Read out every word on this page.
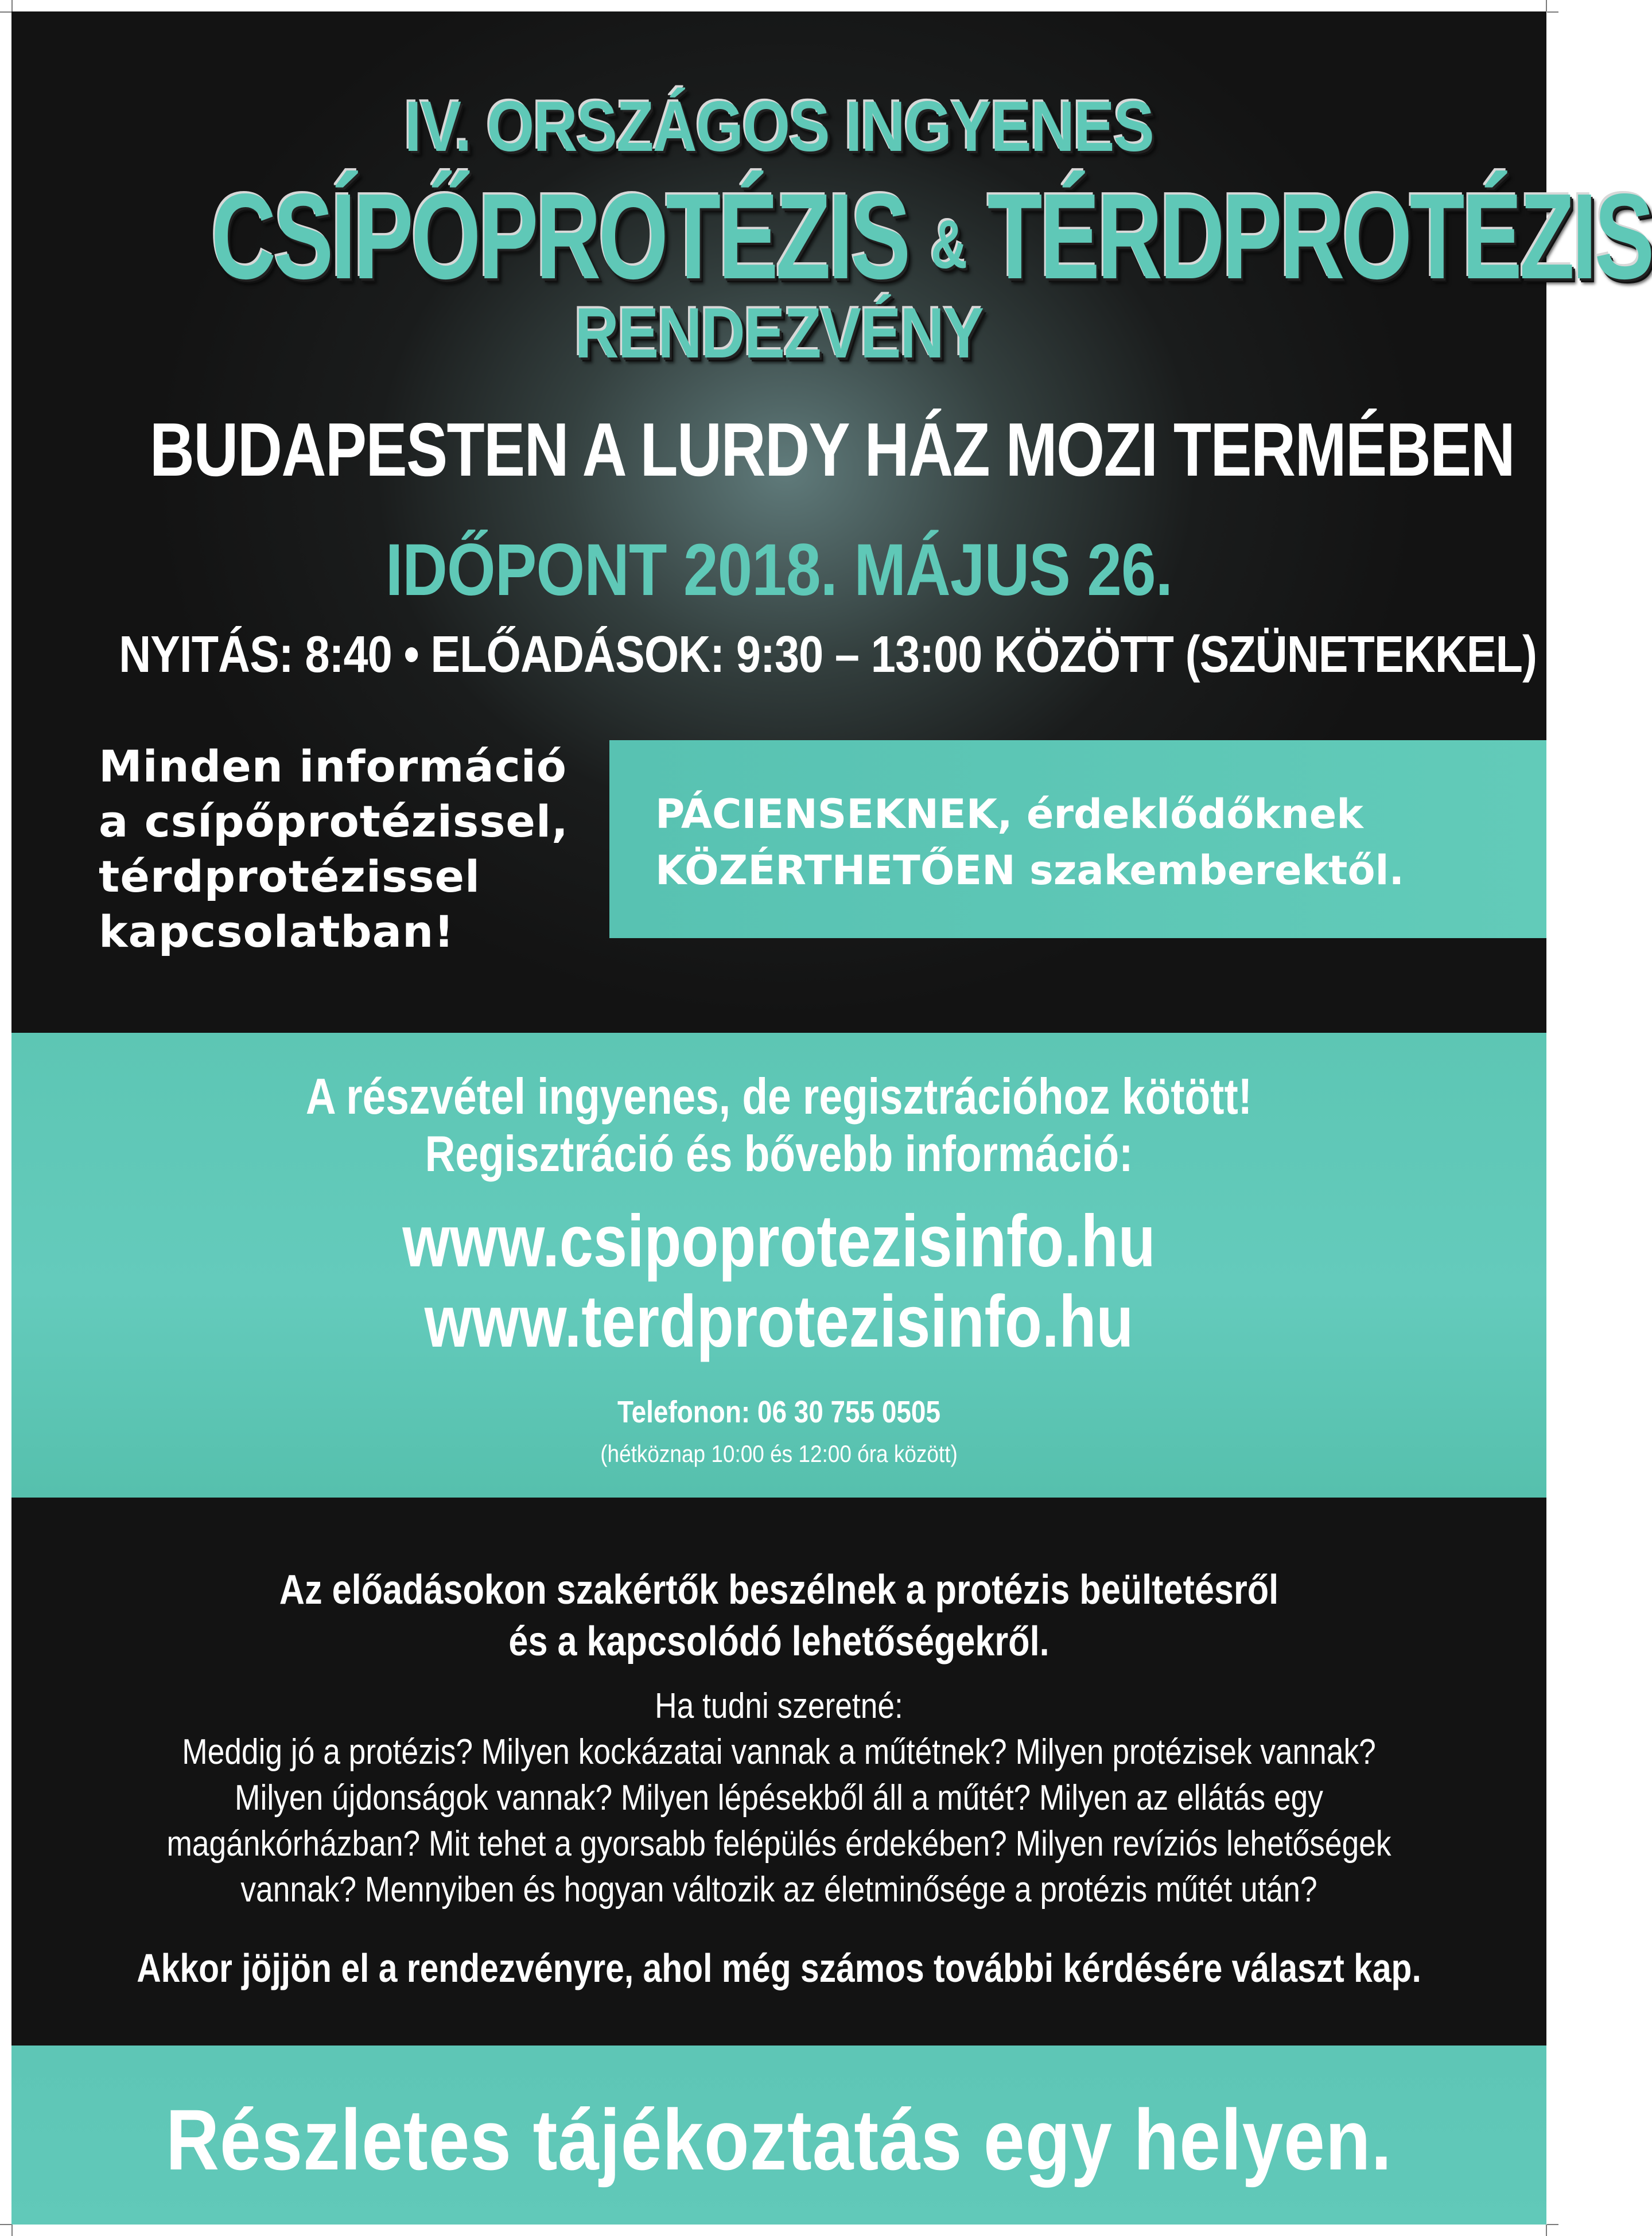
IV. ORSZÁGOS INGYENES
CSÍPŐPROTÉZIS & TÉRDPROTÉZIS
RENDEZVÉNY
BUDAPESTEN A LURDY HÁZ MOZI TERMÉBEN
IDŐPONT 2018. MÁJUS 26.
NYITÁS: 8:40 • ELŐADÁSOK: 9:30 – 13:00 KÖZÖTT (SZÜNETEKKEL)
Minden információ
a csípőprotézissel,
térdprotézissel
kapcsolatban!
PÁCIENSEKNEK, érdeklődőknek
KÖZÉRTHETŐEN szakemberektől.
A részvétel ingyenes, de regisztrációhoz kötött!
Regisztráció és bővebb információ:
www.csipoprotezisinfo.hu
www.terdprotezisinfo.hu
Telefonon: 06 30 755 0505
(hétköznap 10:00 és 12:00 óra között)
Az előadásokon szakértők beszélnek a protézis beültetésről
és a kapcsolódó lehetőségekről.
Ha tudni szeretné:
Meddig jó a protézis? Milyen kockázatai vannak a műtétnek? Milyen protézisek vannak?
Milyen újdonságok vannak? Milyen lépésekből áll a műtét? Milyen az ellátás egy
magánkórházban? Mit tehet a gyorsabb felépülés érdekében? Milyen revíziós lehetőségek
vannak? Mennyiben és hogyan változik az életminősége a protézis műtét után?
Akkor jöjjön el a rendezvényre, ahol még számos további kérdésére választ kap.
Részletes tájékoztatás egy helyen.
